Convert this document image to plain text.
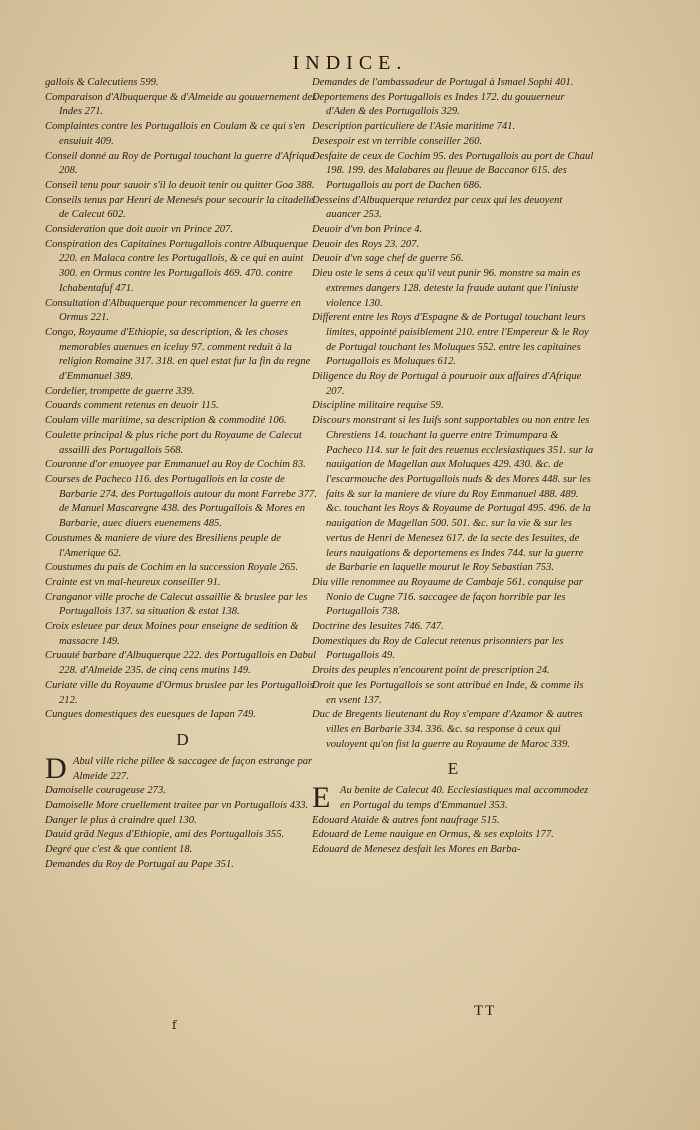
INDICE.

gallois & Calecutiens 599.

Comparaison d'Albuquerque & d'Almeide au gouuernement des Indes 271.

Complaintes contre les Portugallois en Coulam & ce qui s'en ensuiuit 409.

Conseil donné au Roy de Portugal touchant la guerre d'Afrique 208.

Conseil tenu pour sauoir s'il lo deuoit tenir ou quitter Goa 388.

Conseils tenus par Henri de Menesés pour secourir la citadelle de Calecut 602.

Consideration que doit auoir vn Prince 207.

Conspiration des Capitaines Portugallois contre Albuquerque 220. en Malaca contre les Portugallois, & ce qui en auint 300. en Ormus contre les Portugallois 469. 470. contre Ichabentafuf 471.

Consultation d'Albuquerque pour recommencer la guerre en Ormus 221.

Congo, Royaume d'Ethiopie, sa description, & les choses memorables auenues en iceluy 97. comment reduit à la religion Romaine 317. 318. en quel estat fur la fin du regne d'Emmanuel 389.

Cordelier, trompette de guerre 339.

Couards comment retenus en deuoir 115.

Coulam ville maritime, sa description & commodité 106.

Coulette principal & plus riche port du Royaume de Calecut assailli des Portugallois 568.

Couronne d'or enuoyee par Emmanuel au Roy de Cochim 83.

Courses de Pacheco 116. des Portugallois en la coste de Barbarie 274. des Portugallois autour du mont Farrebe 377. de Manuel Mascaregne 438. des Portugallois & Mores en Barbarie, auec diuers euenemens 485.

Coustumes & maniere de viure des Bresiliens peuple de l'Amerique 62.

Coustumes du pais de Cochim en la succession Royale 265.

Crainte est vn mal-heureux conseiller 91.

Cranganor ville proche de Calecut assaillie & bruslee par les Portugallois 137. sa situation & estat 138.

Croix esleuee par deux Moines pour enseigne de sedition & massacre 149.

Cruauté barbare d'Albuquerque 222. des Portugallois en Dabul 228. d'Almeide 235. de cinq cens mutins 149.

Curiate ville du Royaume d'Ormus bruslee par les Portugallois 212.

Cungues domestiques des euesques de Iapan 749.

D

D Abul ville riche pillee & saccagee de façon estrange par Almeide 227.

Damoiselle courageuse 273.

Damoiselle More cruellement traitee par vn Portugallois 433.

Danger le plus à craindre quel 130.

Dauid grãd Negus d'Ethiopie, ami des Portugallois 355.

Degré que c'est & que contient 18.

Demandes du Roy de Portugal au Pape 351.

Demandes de l'ambassadeur de Portugal à Ismael Sophi 401.

Deportemens des Portugallois es Indes 172. du gouuerneur d'Aden & des Portugallois 329.

Description particuliere de l'Asie maritime 741.

Desespoir est vn terrible conseiller 260.

Desfaite de ceux de Cochim 95. des Portugallois au port de Chaul 198. 199. des Malabares au fleuue de Baccanor 615. des Portugallois au port de Dachen 686.

Desseins d'Albuquerque retardez par ceux qui les deuoyent auancer 253.

Deuoir d'vn bon Prince 4.

Deuoir des Roys 23. 207.

Deuoir d'vn sage chef de guerre 56.

Dieu oste le sens à ceux qu'il veut punir 96. monstre sa main es extremes dangers 128. deteste la fraude autant que l'iniuste violence 130.

Different entre les Roys d'Espagne & de Portugal touchant leurs limites, appointé paisiblement 210. entre l'Empereur & le Roy de Portugal touchant les Moluques 552. entre les capitaines Portugallois es Moluques 612.

Diligence du Roy de Portugal à pouruoir aux affaires d'Afrique 207.

Discipline militaire requise 59.

Discours monstrant si les Iuifs sont supportables ou non entre les Chrestiens 14. touchant la guerre entre Trimumpara & Pacheco 114. sur le fait des reuenus ecclesiastiques 351. sur la nauigation de Magellan aux Moluques 429. 430. &c. de l'escarmouche des Portugallois nuds & des Mores 448. sur les faits & sur la maniere de viure du Roy Emmanuel 488. 489. &c. touchant les Roys & Royaume de Portugal 495. 496. de la nauigation de Magellan 500. 501. &c. sur la vie & sur les vertus de Henri de Menesez 617. de la secte des Iesuites, de leurs nauigations & deportemens es Indes 744. sur la guerre de Barbarie en laquelle mourut le Roy Sebastian 753.

Diu ville renommee au Royaume de Cambaje 561. conquise par Nonio de Cugne 716. saccagee de façon horrible par les Portugallois 738.

Doctrine des Iesuites 746. 747.

Domestiques du Roy de Calecut retenus prisonniers par les Portugallois 49.

Droits des peuples n'encourent point de prescription 24.

Droit que les Portugallois se sont attribué en Inde, & comme ils en vsent 137.

Duc de Bregents lieutenant du Roy s'empare d'Azamor & autres villes en Barbarie 334. 336. &c. sa response à ceux qui vouloyent qu'on fist la guerre au Royaume de Maroc 339.

E

E Au benite de Calecut 40. Ecclesiastiques mal accommodez en Portugal du temps d'Emmanuel 353.

Edouard Ataide & autres font naufrage 515.

Edouard de Leme nauigue en Ormus, & ses exploits 177.

Edouard de Menesez desfait les Mores en Barba-

f
TT
